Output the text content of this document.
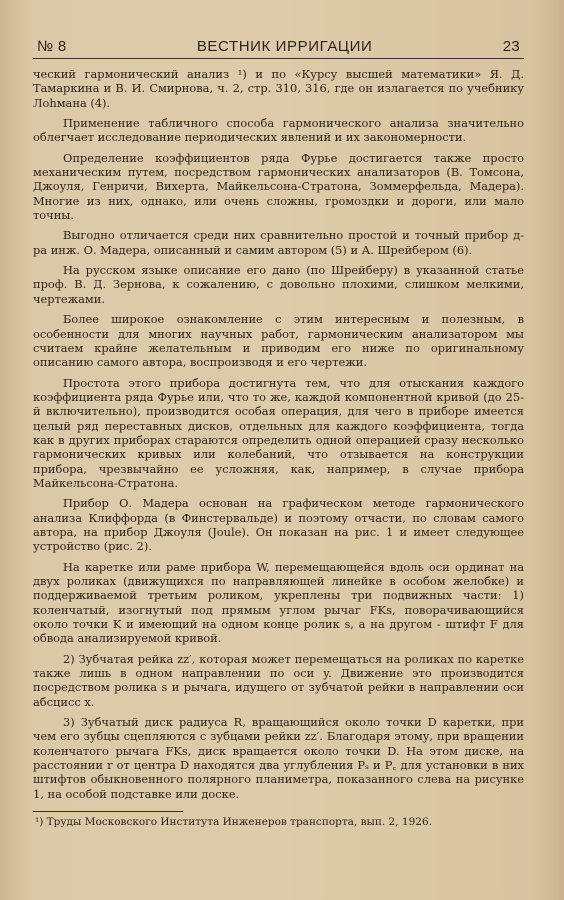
№ 8	ВЕСТНИК ИРРИГАЦИИ	23

ческий гармонический анализ ¹) и по «Курсу высшей математики» Я. Д. Тамаркина и В. И. Смирнова, ч. 2, стр. 310, 316, где он излагается по учебнику Лоһмана (4).

Применение табличного способа гармонического анализа значительно облегчает исследование периодических явлений и их закономерности.

Определение коэффициентов ряда Фурье достигается также просто механическим путем, посредством гармонических анализаторов (В. Томсона, Джоуля, Генричи, Вихерта, Майкельсона-Стратона, Зоммерфельда, Мадера). Многие из них, однако, или очень сложны, громоздки и дороги, или мало точны.

Выгодно отличается среди них сравнительно простой и точный прибор д-ра инж. О. Мадера, описанный и самим автором (5) и А. Шрейбером (6).

На русском языке описание его дано (по Шрейберу) в указанной статье проф. В. Д. Зернова, к сожалению, с довольно плохими, слишком мелкими, чертежами.

Более широкое ознакомление с этим интересным и полезным, в особенности для многих научных работ, гармоническим анализатором мы считаем крайне желательным и приводим его ниже по оригинальному описанию самого автора, воспроизводя и его чертежи.

Простота этого прибора достигнута тем, что для отыскания каждого коэффициента ряда Фурье или, что то же, каждой компонентной кривой (до 25-й включительно), производится особая операция, для чего в приборе имеется целый ряд переставных дисков, отдельных для каждого коэффициента, тогда как в других приборах стараются определить одной операцией сразу несколько гармонических кривых или колебаний, что отзывается на конструкции прибора, чрезвычайно ее усложняя, как, например, в случае прибора Майкельсона-Стратона.

Прибор О. Мадера основан на графическом методе гармонического анализа Клиффорда (в Финстервальде) и поэтому отчасти, по словам самого автора, на прибор Джоуля (Joule). Он показан на рис. 1 и имеет следующее устройство (рис. 2).

На каретке или раме прибора W, перемещающейся вдоль оси ординат на двух роликах (движущихся по направляющей линейке в особом желобке) и поддерживаемой третьим роликом, укреплены три подвижных части: 1) коленчатый, изогнутый под прямым углом рычаг FKs, поворачивающийся около точки K и имеющий на одном конце ролик s, а на другом - штифт F для обвода анализируемой кривой.

2) Зубчатая рейка zz′, которая может перемещаться на роликах по каретке также лишь в одном направлении по оси y. Движение это производится посредством ролика s и рычага, идущего от зубчатой рейки в направлении оси абсцисс x.

3) Зубчатый диск радиуса R, вращающийся около точки D каретки, при чем его зубцы сцепляются с зубцами рейки zz′. Благодаря этому, при вращении коленчатого рычага FKs, диск вращается около точки D. На этом диске, на расстоянии r от центра D находятся два углубления Pₛ и P꜀ для установки в них штифтов обыкновенного полярного планиметра, показанного слева на рисунке 1, на особой подставке или доске.

¹) Труды Московского Института Инженеров транспорта, вып. 2, 1926.
